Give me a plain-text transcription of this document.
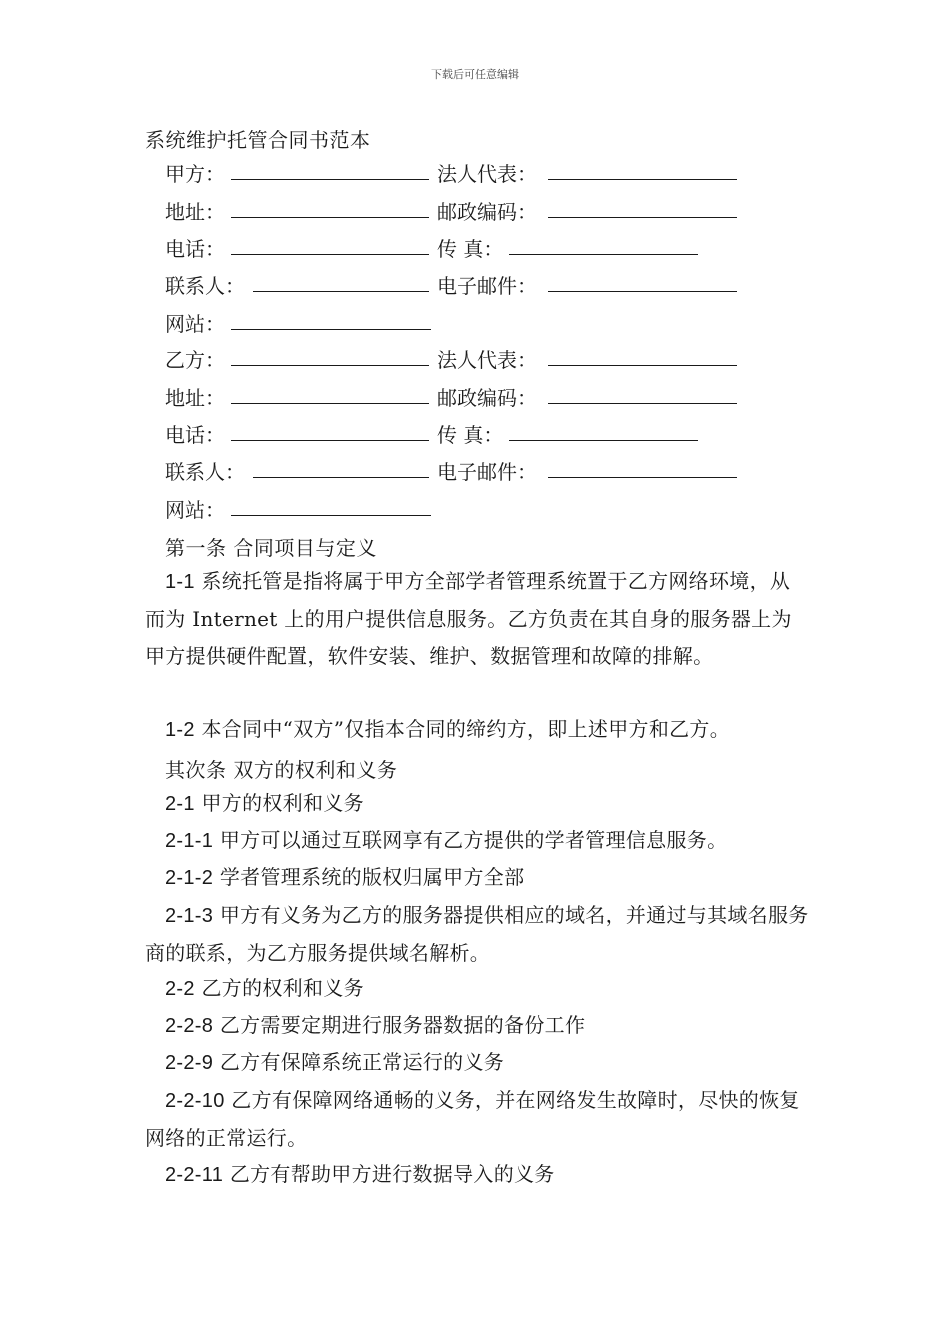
下载后可任意编辑
系统维护托管合同书范本
甲方：	法人代表：
地址：	邮政编码：
电话：	传 真：
联系人：	电子邮件：
网站：
乙方：	法人代表：
地址：	邮政编码：
电话：	传 真：
联系人：	电子邮件：
网站：
第一条 合同项目与定义
1-1 系统托管是指将属于甲方全部学者管理系统置于乙方网络环境，从而为 Internet 上的用户提供信息服务。乙方负责在其自身的服务器上为甲方提供硬件配置，软件安装、维护、数据管理和故障的排解。
1-2 本合同中“双方”仅指本合同的缔约方，即上述甲方和乙方。
其次条 双方的权利和义务
2-1 甲方的权利和义务
2-1-1 甲方可以通过互联网享有乙方提供的学者管理信息服务。
2-1-2 学者管理系统的版权归属甲方全部
2-1-3 甲方有义务为乙方的服务器提供相应的域名，并通过与其域名服务商的联系，为乙方服务提供域名解析。
2-2 乙方的权利和义务
2-2-8 乙方需要定期进行服务器数据的备份工作
2-2-9 乙方有保障系统正常运行的义务
2-2-10 乙方有保障网络通畅的义务，并在网络发生故障时，尽快的恢复网络的正常运行。
2-2-11 乙方有帮助甲方进行数据导入的义务
